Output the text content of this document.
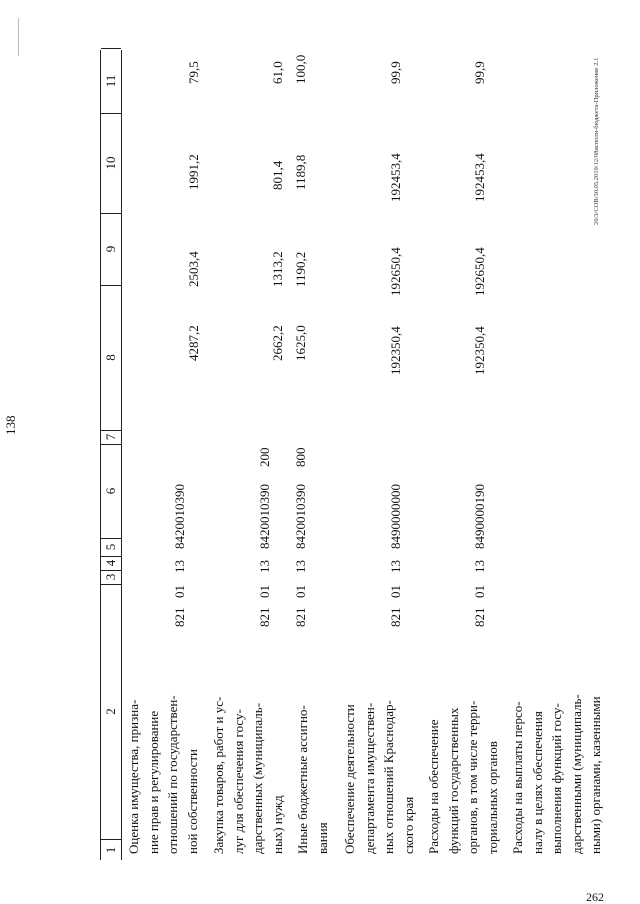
138
1
2
3
4
5
6
7
8
9
10
11
Оценка имущества, призна- ние прав и регулирование отношений по государствен- ной собственности
821
01
13
8420010390
4287,2
2503,4
1991,2
79,5
Закупка товаров, работ и ус- луг для обеспечения госу- дарственных (муниципаль- ных) нужд
821
01
13
8420010390
200
2662,2
1313,2
801,4
61,0
Иные бюджетные ассигно- вания
821
01
13
8420010390
800
1625,0
1190,2
1189,8
100,0
Обеспечение деятельности департамента имуществен- ных отношений Краснодар- ского края
821
01
13
8490000000
192350,4
192650,4
192453,4
99,9
Расходы на обеспечение функций государственных органов, в том числе терри- ториальных органов
821
01
13
8490000190
192350,4
192650,4
192453,4
99,9
Расходы на выплаты персо- налу в целях обеспечения выполнения функций госу- дарственными (муниципаль- ными) органами, казенными
20/3/COB/30.05.2019/12/08исполн-бюджета-Приложение 2.1
262
